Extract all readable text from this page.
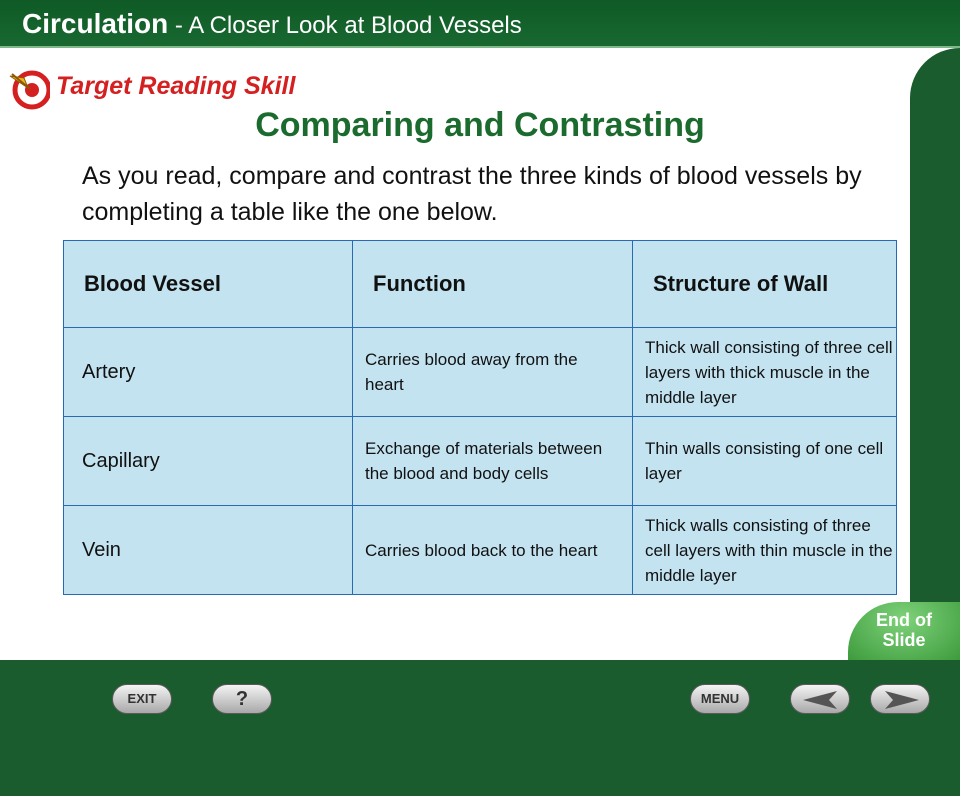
Circulation - A Closer Look at Blood Vessels
Target Reading Skill
Comparing and Contrasting
As you read, compare and contrast the three kinds of blood vessels by completing a table like the one below.
Blood Vessel	Function	Structure of Wall
Artery	Carries blood away from the heart	Thick wall consisting of three cell layers with thick muscle in the middle layer
Capillary	Exchange of materials between the blood and body cells	Thin walls consisting of one cell layer
Vein	Carries blood back to the heart	Thick walls consisting of three cell layers with thin muscle in the middle layer
End of
Slide
EXIT	?	MENU
